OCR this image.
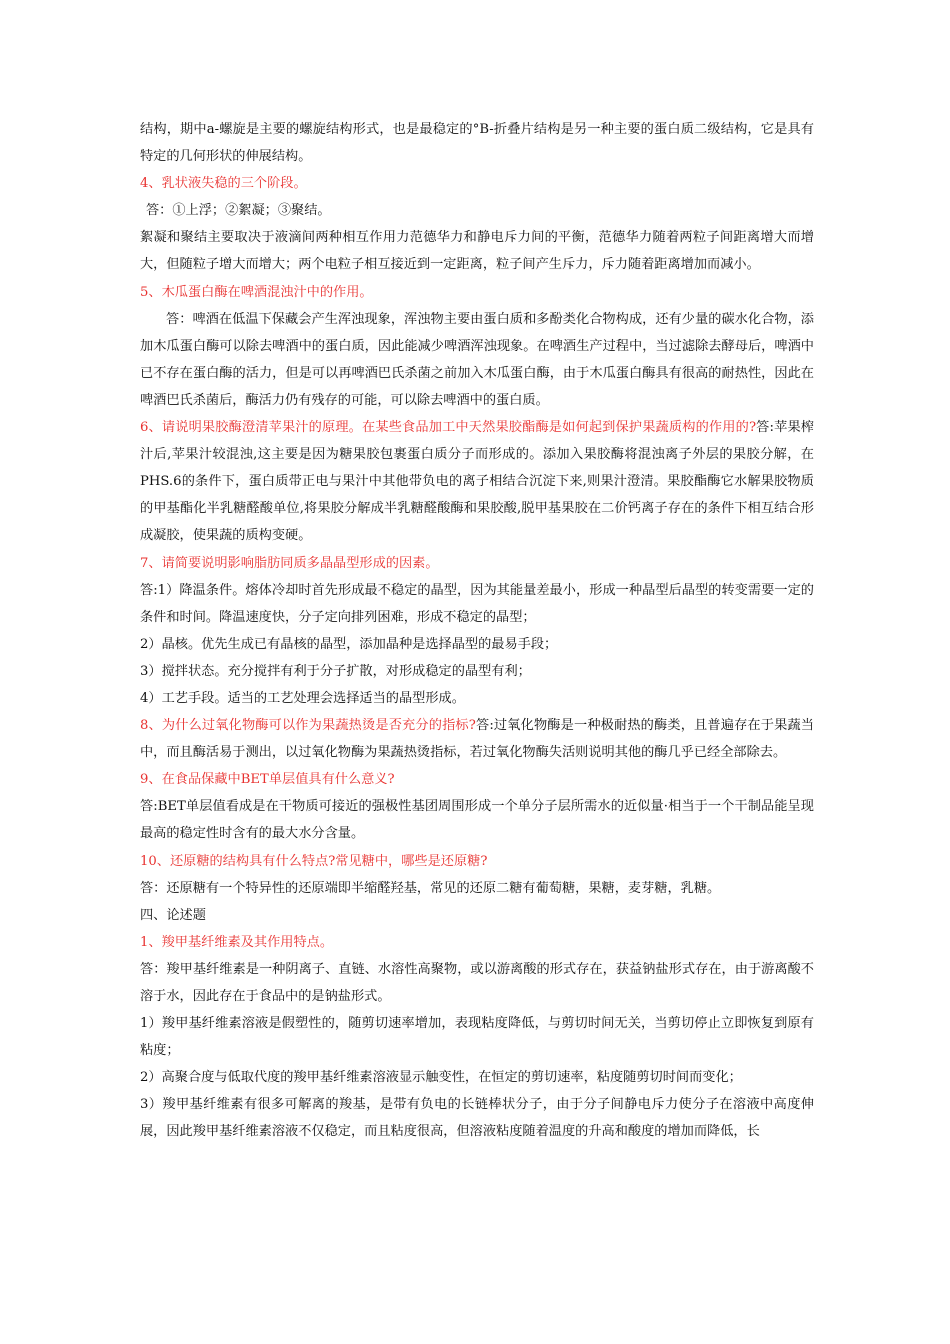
结构，期中a-螺旋是主要的螺旋结构形式，也是最稳定的°B-折叠片结构是另一种主要的蛋白质二级结构，它是具有特定的几何形状的伸展结构。

4、乳状液失稳的三个阶段。

答：①上浮；②絮凝；③聚结。

絮凝和聚结主要取决于液滴间两种相互作用力范德华力和静电斥力间的平衡，范德华力随着两粒子间距离增大而增大，但随粒子增大而增大；两个电粒子相互接近到一定距离，粒子间产生斥力，斥力随着距离增加而减小。

5、木瓜蛋白酶在啤酒混浊汁中的作用。

答：啤酒在低温下保藏会产生浑浊现象，浑浊物主要由蛋白质和多酚类化合物构成，还有少量的碳水化合物，添加木瓜蛋白酶可以除去啤酒中的蛋白质，因此能减少啤酒浑浊现象。在啤酒生产过程中，当过滤除去酵母后，啤酒中已不存在蛋白酶的活力，但是可以再啤酒巴氏杀菌之前加入木瓜蛋白酶，由于木瓜蛋白酶具有很高的耐热性，因此在啤酒巴氏杀菌后，酶活力仍有残存的可能，可以除去啤酒中的蛋白质。

6、请说明果胶酶澄清苹果汁的原理。在某些食品加工中天然果胶酯酶是如何起到保护果蔬质构的作用的?答:苹果榨汁后,苹果汁较混浊,这主要是因为糖果胶包裹蛋白质分子而形成的。添加入果胶酶将混浊离子外层的果胶分解，在PHS.6的条件下，蛋白质带正电与果汁中其他带负电的离子相结合沉淀下来,则果汁澄清。果胶酯酶它水解果胶物质的甲基酯化半乳糖醛酸单位,将果胶分解成半乳糖醛酸酶和果胶酸,脱甲基果胶在二价钙离子存在的条件下相互结合形成凝胶，使果蔬的质构变硬。

7、请简要说明影响脂肪同质多晶晶型形成的因素。

答:1）降温条件。熔体冷却时首先形成最不稳定的晶型，因为其能量差最小，形成一种晶型后晶型的转变需要一定的条件和时间。降温速度快，分子定向排列困难，形成不稳定的晶型；

2）晶核。优先生成已有晶核的晶型，添加晶种是选择晶型的最易手段；

3）搅拌状态。充分搅拌有利于分子扩散，对形成稳定的晶型有利；

4）工艺手段。适当的工艺处理会选择适当的晶型形成。

8、为什么过氧化物酶可以作为果蔬热烫是否充分的指标?答:过氧化物酶是一种极耐热的酶类，且普遍存在于果蔬当中，而且酶活易于测出，以过氧化物酶为果蔬热烫指标，若过氧化物酶失活则说明其他的酶几乎已经全部除去。

9、在食品保藏中BET单层值具有什么意义?

答:BET单层值看成是在干物质可接近的强极性基团周围形成一个单分子层所需水的近似量·相当于一个干制品能呈现最高的稳定性时含有的最大水分含量。

10、还原糖的结构具有什么特点?常见糖中，哪些是还原糖?

答：还原糖有一个特异性的还原端即半缩醛羟基，常见的还原二糖有葡萄糖，果糖，麦芽糖，乳糖。

四、论述题

1、羧甲基纤维素及其作用特点。

答：羧甲基纤维素是一种阴离子、直链、水溶性高聚物，或以游离酸的形式存在，获益钠盐形式存在，由于游离酸不溶于水，因此存在于食品中的是钠盐形式。

1）羧甲基纤维素溶液是假塑性的，随剪切速率增加，表现粘度降低，与剪切时间无关，当剪切停止立即恢复到原有粘度；

2）高聚合度与低取代度的羧甲基纤维素溶液显示触变性，在恒定的剪切速率，粘度随剪切时间而变化；

3）羧甲基纤维素有很多可解离的羧基，是带有负电的长链棒状分子，由于分子间静电斥力使分子在溶液中高度伸展，因此羧甲基纤维素溶液不仅稳定，而且粘度很高，但溶液粘度随着温度的升高和酸度的增加而降低，长
